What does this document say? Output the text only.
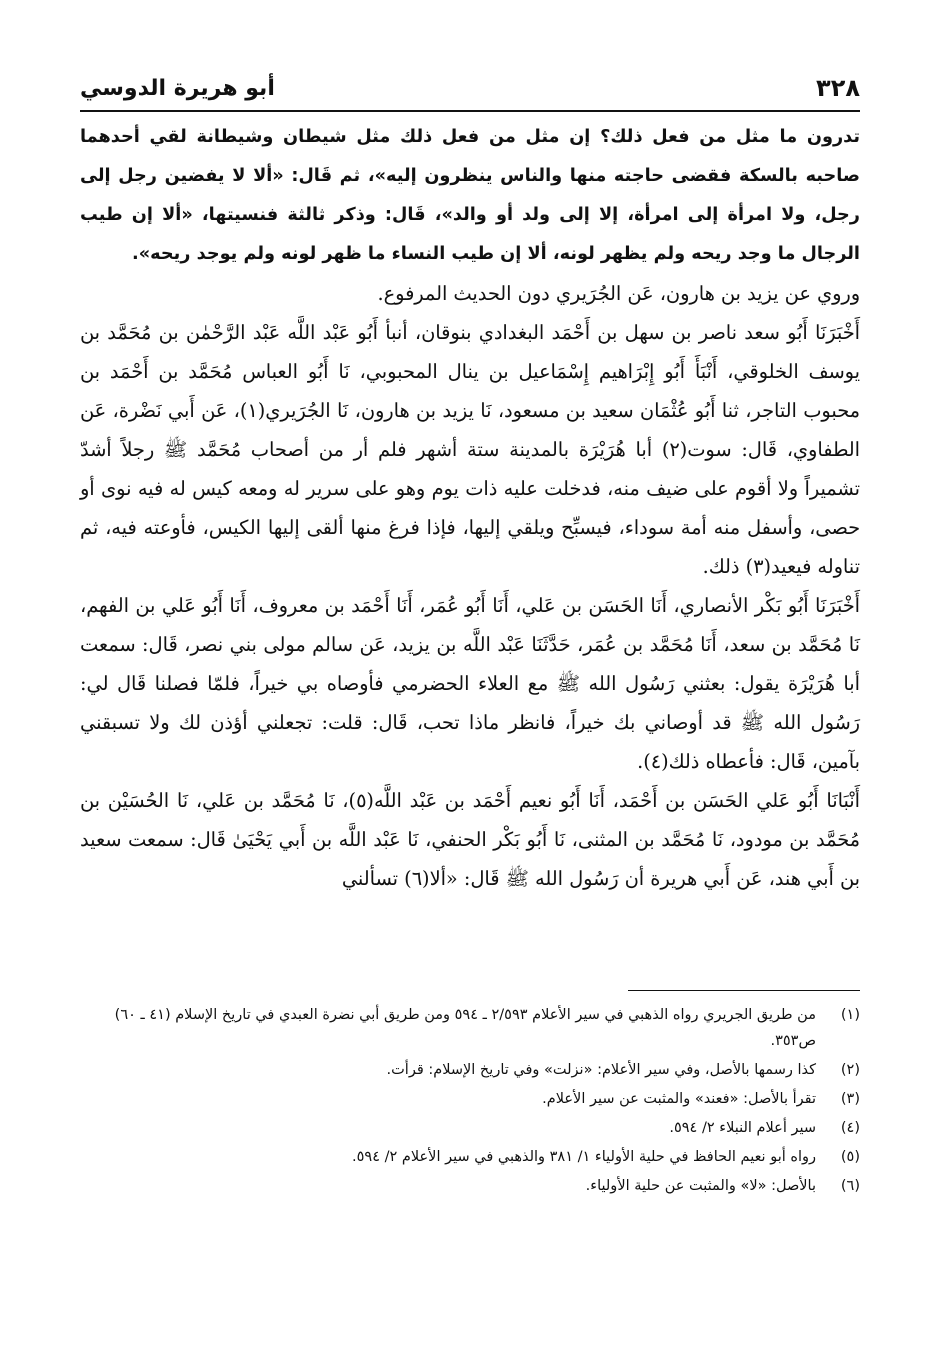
٣٢٨
أبو هريرة الدوسي

تدرون ما مثل من فعل ذلك؟ إن مثل من فعل ذلك مثل شيطان وشيطانة لقي أحدهما صاحبه بالسكة فقضى حاجته منها والناس ينظرون إليه»، ثم قَال: «ألا لا يفضين رجل إلى رجل، ولا امرأة إلى امرأة، إلا إلى ولد أو والد»، قَال: وذكر ثالثة فنسيتها، «ألا إن طيب الرجال ما وجد ريحه ولم يظهر لونه، ألا إن طيب النساء ما ظهر لونه ولم يوجد ريحه».

وروي عن يزيد بن هارون، عَن الجُرَيري دون الحديث المرفوع.

أَخْبَرَنَا أَبُو سعد ناصر بن سهل بن أَحْمَد البغدادي بنوقان، أنبأ أَبُو عَبْد اللَّه عَبْد الرَّحْمٰن بن مُحَمَّد بن يوسف الخلوقي، أَنْبَأَ أَبُو إِبْرَاهيم إِسْمَاعيل بن ينال المحبوبي، نَا أَبُو العباس مُحَمَّد بن أَحْمَد بن محبوب التاجر، ثنا أَبُو عُثْمَان سعيد بن مسعود، نَا يزيد بن هارون، نَا الجُرَيري(١)، عَن أَبي نَضْرة، عَن الطفاوي، قَال: سوت(٢) أبا هُرَيْرَة بالمدينة ستة أشهر فلم أر من أصحاب مُحَمَّد ﷺ رجلاً أشدّ تشميراً ولا أقوم على ضيف منه، فدخلت عليه ذات يوم وهو على سرير له ومعه كيس له فيه نوى أو حصى، وأسفل منه أمة سوداء، فيسبِّح ويلقي إليها، فإذا فرغ منها ألقى إليها الكيس، فأوعته فيه، ثم تناوله فيعيد(٣) ذلك.

أَخْبَرَنَا أَبُو بَكْر الأنصاري، أَنَا الحَسَن بن عَلي، أَنَا أَبُو عُمَر، أَنَا أَحْمَد بن معروف، أَنَا أَبُو عَلي بن الفهم، نَا مُحَمَّد بن سعد، أَنَا مُحَمَّد بن عُمَر، حَدَّثَنَا عَبْد اللَّه بن يزيد، عَن سالم مولى بني نصر، قَال: سمعت أبا هُرَيْرَة يقول: بعثني رَسُول الله ﷺ مع العلاء الحضرمي فأوصاه بي خيراً، فلمّا فصلنا قَال لي: رَسُول الله ﷺ قد أوصاني بك خيراً، فانظر ماذا تحب، قَال: قلت: تجعلني أؤذن لك ولا تسبقني بآمين، قَال: فأعطاه ذلك(٤).

أَنْبَانَا أَبُو عَلي الحَسَن بن أَحْمَد، أَنَا أَبُو نعيم أَحْمَد بن عَبْد اللَّه(٥)، نَا مُحَمَّد بن عَلي، نَا الحُسَيْن بن مُحَمَّد بن مودود، نَا مُحَمَّد بن المثنى، نَا أَبُو بَكْر الحنفي، نَا عَبْد اللَّه بن أَبي يَحْيَىٰ قَال: سمعت سعيد بن أَبي هند، عَن أَبي هريرة أن رَسُول الله ﷺ قَال: «ألا(٦) تسألني

(١)
من طريق الجريري رواه الذهبي في سير الأعلام ٢/٥٩٣ ـ ٥٩٤ ومن طريق أبي نضرة العبدي في تاريخ الإسلام (٤١ ـ ٦٠) ص٣٥٣.
(٢)
كذا رسمها بالأصل، وفي سير الأعلام: «نزلت» وفي تاريخ الإسلام: قرأت.
(٣)
تقرأ بالأصل: «فعند» والمثبت عن سير الأعلام.
(٤)
سير أعلام النبلاء ٢/ ٥٩٤.
(٥)
رواه أبو نعيم الحافظ في حلية الأولياء ١/ ٣٨١ والذهبي في سير الأعلام ٢/ ٥٩٤.
(٦)
بالأصل: «لا» والمثبت عن حلية الأولياء.
